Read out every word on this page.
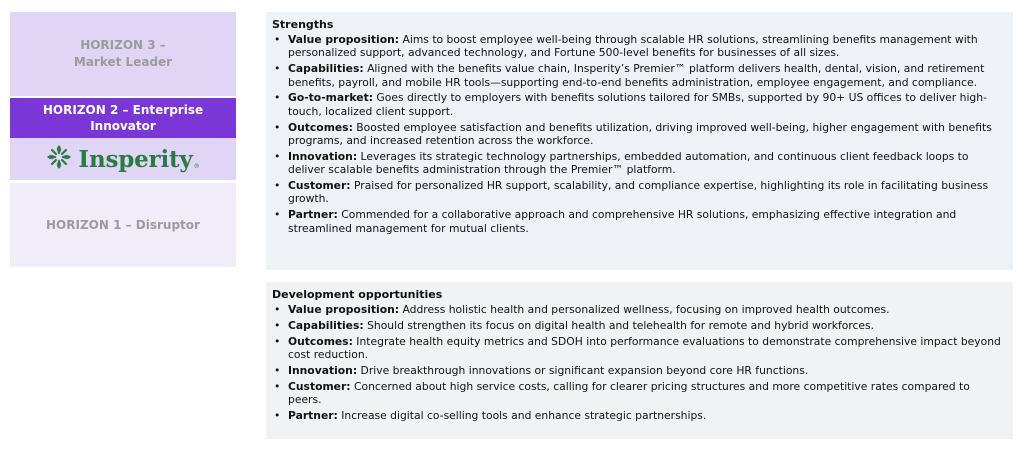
HORIZON 3 –
Market Leader
HORIZON 2 – Enterprise
Innovator
Insperity ®
HORIZON 1 – Disruptor
Strengths
• Value proposition: Aims to boost employee well-being through scalable HR solutions, streamlining benefits management with personalized support, advanced technology, and Fortune 500-level benefits for businesses of all sizes.
• Capabilities: Aligned with the benefits value chain, Insperity’s Premier™ platform delivers health, dental, vision, and retirement benefits, payroll, and mobile HR tools—supporting end-to-end benefits administration, employee engagement, and compliance.
• Go-to-market: Goes directly to employers with benefits solutions tailored for SMBs, supported by 90+ US offices to deliver high-touch, localized client support.
• Outcomes: Boosted employee satisfaction and benefits utilization, driving improved well-being, higher engagement with benefits programs, and increased retention across the workforce.
• Innovation: Leverages its strategic technology partnerships, embedded automation, and continuous client feedback loops to deliver scalable benefits administration through the Premier™ platform.
• Customer: Praised for personalized HR support, scalability, and compliance expertise, highlighting its role in facilitating business growth.
• Partner: Commended for a collaborative approach and comprehensive HR solutions, emphasizing effective integration and streamlined management for mutual clients.
Development opportunities
• Value proposition: Address holistic health and personalized wellness, focusing on improved health outcomes.
• Capabilities: Should strengthen its focus on digital health and telehealth for remote and hybrid workforces.
• Outcomes: Integrate health equity metrics and SDOH into performance evaluations to demonstrate comprehensive impact beyond cost reduction.
• Innovation: Drive breakthrough innovations or significant expansion beyond core HR functions.
• Customer: Concerned about high service costs, calling for clearer pricing structures and more competitive rates compared to peers.
• Partner: Increase digital co-selling tools and enhance strategic partnerships.
